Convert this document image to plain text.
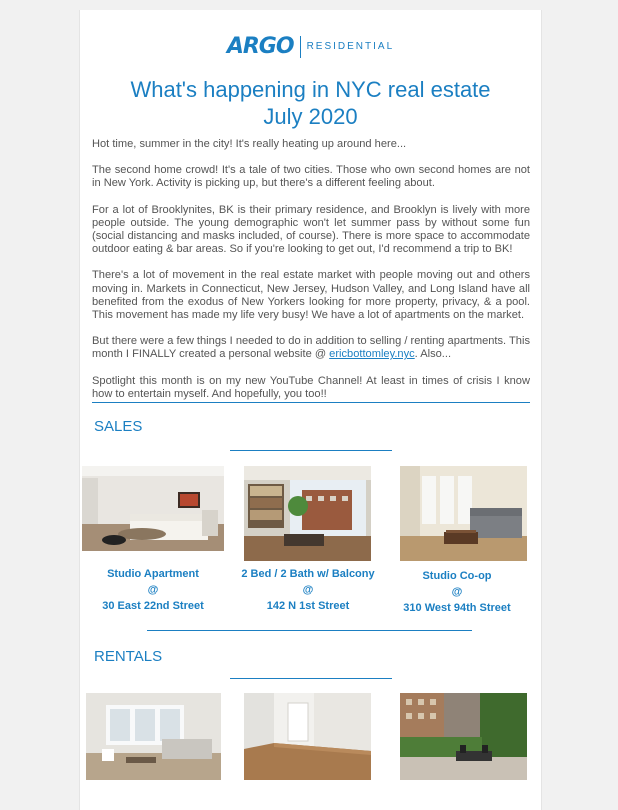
ARGO RESIDENTIAL
What's happening in NYC real estate
July 2020

Hot time, summer in the city! It's really heating up around here...

The second home crowd! It's a tale of two cities. Those who own second homes are not in New York. Activity is picking up, but there's a different feeling about.

For a lot of Brooklynites, BK is their primary residence, and Brooklyn is lively with more people outside. The young demographic won't let summer pass by without some fun (social distancing and masks included, of course). There is more space to accommodate outdoor eating & bar areas. So if you're looking to get out, I'd recommend a trip to BK!

There's a lot of movement in the real estate market with people moving out and others moving in. Markets in Connecticut, New Jersey, Hudson Valley, and Long Island have all benefited from the exodus of New Yorkers looking for more property, privacy, & a pool. This movement has made my life very busy! We have a lot of apartments on the market.

But there were a few things I needed to do in addition to selling / renting apartments. This month I FINALLY created a personal website @ ericbottomley.nyc. Also...

Spotlight this month is on my new YouTube Channel! At least in times of crisis I know how to entertain myself. And hopefully, you too!!

SALES

Studio Apartment
@
30 East 22nd Street

2 Bed / 2 Bath w/ Balcony
@
142 N 1st Street

Studio Co-op
@
310 West 94th Street

RENTALS
